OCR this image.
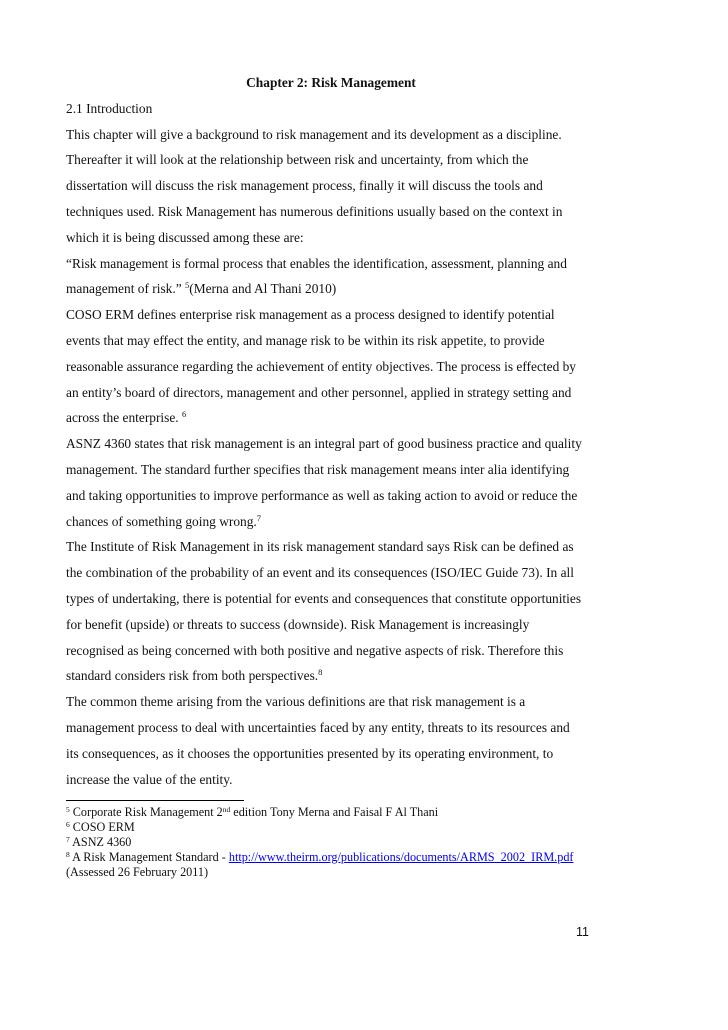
Chapter 2: Risk Management

2.1 Introduction

This chapter will give a background to risk management and its development as a discipline.

Thereafter it will look at the relationship between risk and uncertainty, from which the

dissertation will discuss the risk management process, finally it will discuss the tools and

techniques used. Risk Management has numerous definitions usually based on the context in

which it is being discussed among these are:

“Risk management is formal process that enables the identification, assessment, planning and

management of risk.” $^5$(Merna and Al Thani 2010)

COSO ERM defines enterprise risk management as a process designed to identify potential

events that may effect the entity, and manage risk to be within its risk appetite, to provide

reasonable assurance regarding the achievement of entity objectives. The process is effected by

an entity’s board of directors, management and other personnel, applied in strategy setting and

across the enterprise. $^6$

ASNZ 4360 states that risk management is an integral part of good business practice and quality

management. The standard further specifies that risk management means inter alia identifying

and taking opportunities to improve performance as well as taking action to avoid or reduce the

chances of something going wrong.$^7$

The Institute of Risk Management in its risk management standard says Risk can be defined as

the combination of the probability of an event and its consequences (ISO/IEC Guide 73). In all

types of undertaking, there is potential for events and consequences that constitute opportunities

for benefit (upside) or threats to success (downside). Risk Management is increasingly

recognised as being concerned with both positive and negative aspects of risk. Therefore this

standard considers risk from both perspectives.$^8$

The common theme arising from the various definitions are that risk management is a

management process to deal with uncertainties faced by any entity, threats to its resources and

its consequences, as it chooses the opportunities presented by its operating environment, to

increase the value of the entity.

$^5$ Corporate Risk Management 2nd edition Tony Merna and Faisal F Al Thani

$^6$ COSO ERM

$^7$ ASNZ 4360

$^8$ A Risk Management Standard - http://www.theirm.org/publications/documents/ARMS_2002_IRM.pdf

(Assessed 26 February 2011)

11
